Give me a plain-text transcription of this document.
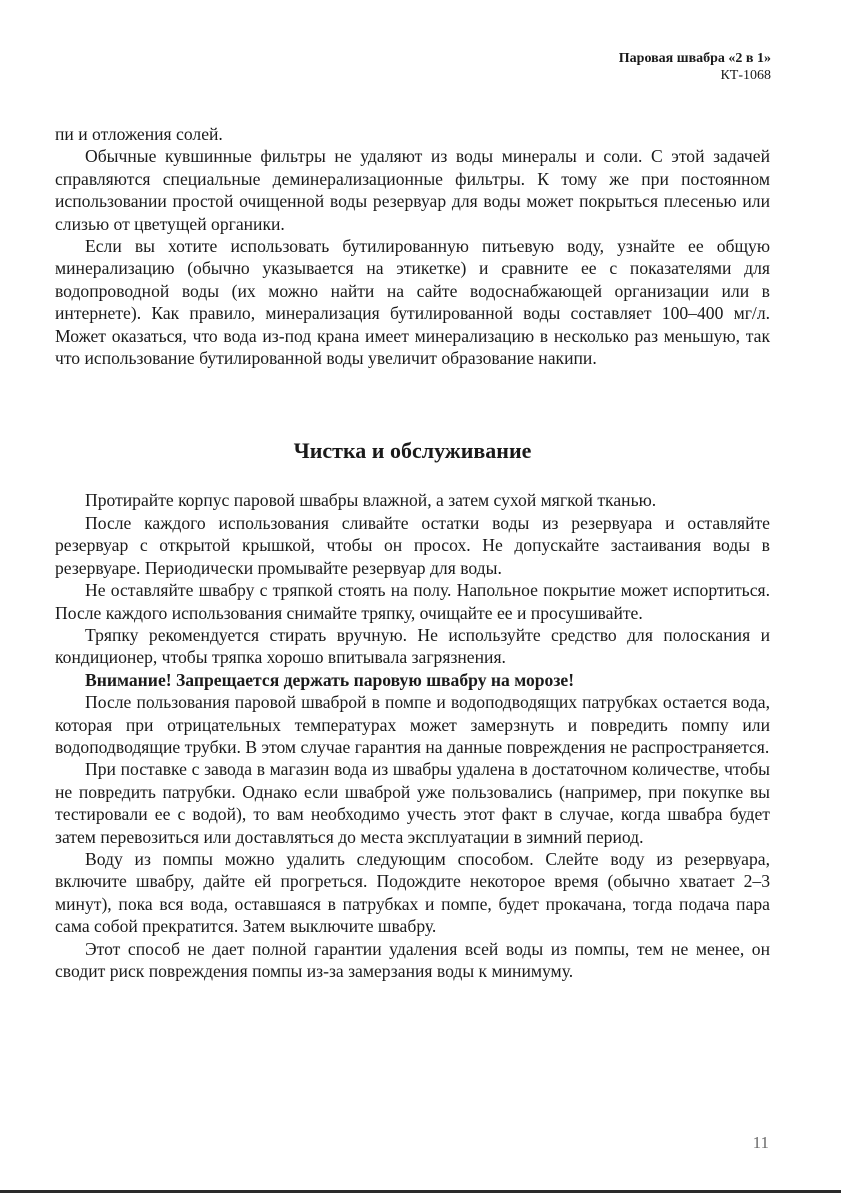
Паровая швабра «2 в 1»
КТ-1068

пи и отложения солей.

Обычные кувшинные фильтры не удаляют из воды минералы и соли. С этой задачей справляются специальные деминерализационные фильтры. К тому же при постоянном использовании простой очищенной воды резервуар для воды может покрыться плесенью или слизью от цветущей органики.

Если вы хотите использовать бутилированную питьевую воду, узнайте ее общую минерализацию (обычно указывается на этикетке) и сравните ее с показателями для водопроводной воды (их можно найти на сайте водоснабжающей организации или в интернете). Как правило, минерализация бутилированной воды составляет 100–400 мг/л. Может оказаться, что вода из-под крана имеет минерализацию в несколько раз меньшую, так что использование бутилированной воды увеличит образование накипи.

Чистка и обслуживание

Протирайте корпус паровой швабры влажной, а затем сухой мягкой тканью.

После каждого использования сливайте остатки воды из резервуара и оставляйте резервуар с открытой крышкой, чтобы он просох. Не допускайте застаивания воды в резервуаре. Периодически промывайте резервуар для воды.

Не оставляйте швабру с тряпкой стоять на полу. Напольное покрытие может испортиться. После каждого использования снимайте тряпку, очищайте ее и просушивайте.

Тряпку рекомендуется стирать вручную. Не используйте средство для полоскания и кондиционер, чтобы тряпка хорошо впитывала загрязнения.

Внимание! Запрещается держать паровую швабру на морозе!

После пользования паровой шваброй в помпе и водоподводящих патрубках остается вода, которая при отрицательных температурах может замерзнуть и повредить помпу или водоподводящие трубки. В этом случае гарантия на данные повреждения не распространяется.

При поставке с завода в магазин вода из швабры удалена в достаточном количестве, чтобы не повредить патрубки. Однако если шваброй уже пользовались (например, при покупке вы тестировали ее с водой), то вам необходимо учесть этот факт в случае, когда швабра будет затем перевозиться или доставляться до места эксплуатации в зимний период.

Воду из помпы можно удалить следующим способом. Слейте воду из резервуара, включите швабру, дайте ей прогреться. Подождите некоторое время (обычно хватает 2–3 минут), пока вся вода, оставшаяся в патрубках и помпе, будет прокачана, тогда подача пара сама собой прекратится. Затем выключите швабру.

Этот способ не дает полной гарантии удаления всей воды из помпы, тем не менее, он сводит риск повреждения помпы из-за замерзания воды к минимуму.

11
